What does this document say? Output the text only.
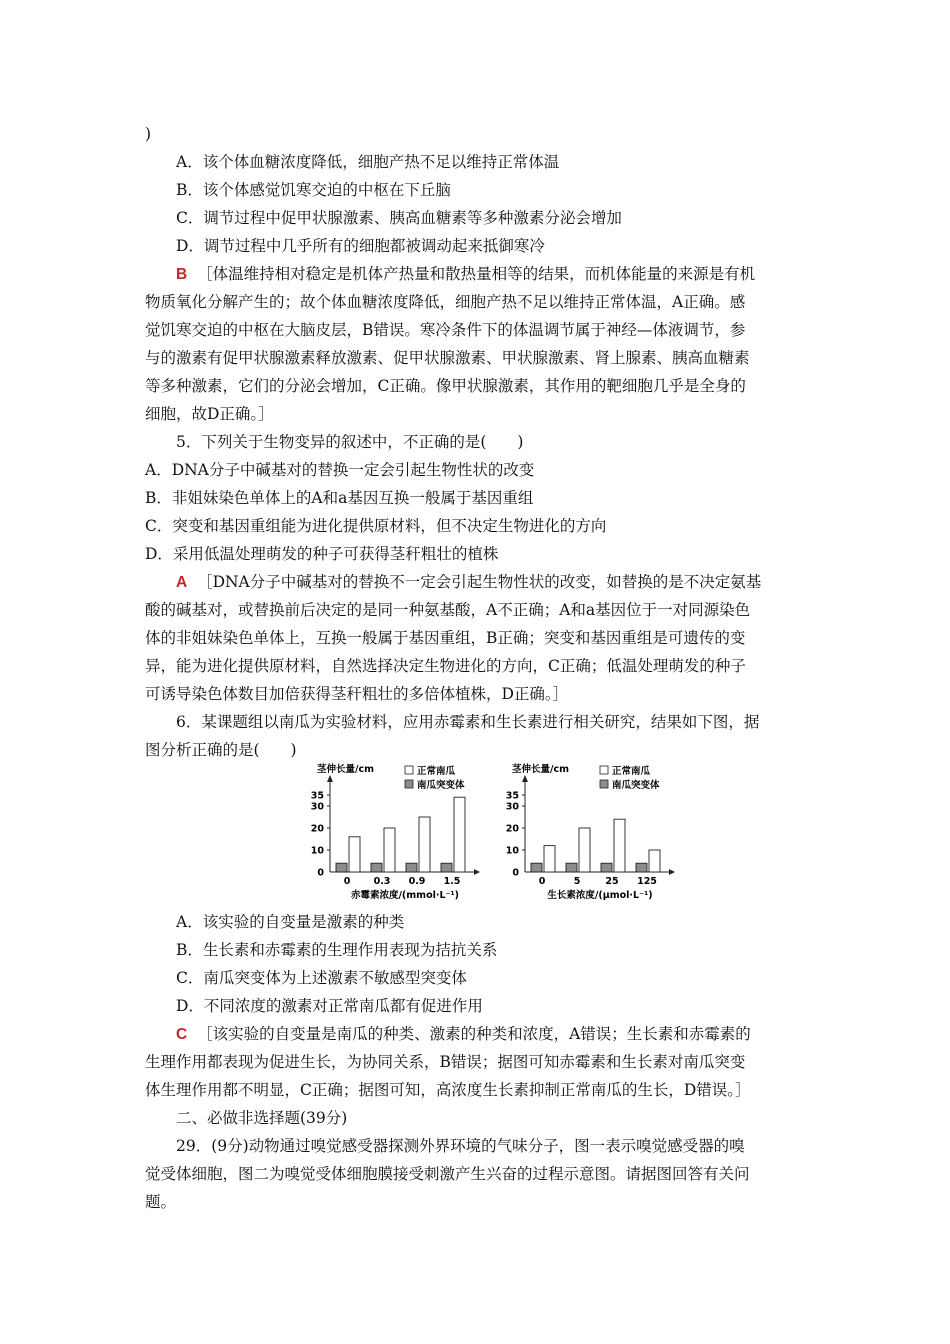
)
A．该个体血糖浓度降低，细胞产热不足以维持正常体温
B．该个体感觉饥寒交迫的中枢在下丘脑
C．调节过程中促甲状腺激素、胰高血糖素等多种激素分泌会增加
D．调节过程中几乎所有的细胞都被调动起来抵御寒冷
B ［体温维持相对稳定是机体产热量和散热量相等的结果，而机体能量的来源是有机
物质氧化分解产生的；故个体血糖浓度降低，细胞产热不足以维持正常体温，A正确。感
觉饥寒交迫的中枢在大脑皮层，B错误。寒冷条件下的体温调节属于神经—体液调节，参
与的激素有促甲状腺激素释放激素、促甲状腺激素、甲状腺激素、肾上腺素、胰高血糖素
等多种激素，它们的分泌会增加，C正确。像甲状腺激素，其作用的靶细胞几乎是全身的
细胞，故D正确。］
5．下列关于生物变异的叙述中，不正确的是(　　)
A．DNA分子中碱基对的替换一定会引起生物性状的改变
B．非姐妹染色单体上的A和a基因互换一般属于基因重组
C．突变和基因重组能为进化提供原材料，但不决定生物进化的方向
D．采用低温处理萌发的种子可获得茎秆粗壮的植株
A ［DNA分子中碱基对的替换不一定会引起生物性状的改变，如替换的是不决定氨基
酸的碱基对，或替换前后决定的是同一种氨基酸，A不正确；A和a基因位于一对同源染色
体的非姐妹染色单体上，互换一般属于基因重组，B正确；突变和基因重组是可遗传的变
异，能为进化提供原材料，自然选择决定生物进化的方向，C正确；低温处理萌发的种子
可诱导染色体数目加倍获得茎秆粗壮的多倍体植株，D正确。］
6．某课题组以南瓜为实验材料，应用赤霉素和生长素进行相关研究，结果如下图，据
图分析正确的是(　　)
茎伸长量/cm	正常南瓜
南瓜突变体
0
10
20
30
35
0 0.3 0.9 1.5
赤霉素浓度/(mmol·L⁻¹)
茎伸长量/cm	正常南瓜
南瓜突变体
0
10
20
30
35
0	5	25 125
生长素浓度/(μmol·L⁻¹)
A．该实验的自变量是激素的种类
B．生长素和赤霉素的生理作用表现为拮抗关系
C．南瓜突变体为上述激素不敏感型突变体
D．不同浓度的激素对正常南瓜都有促进作用
C ［该实验的自变量是南瓜的种类、激素的种类和浓度，A错误；生长素和赤霉素的
生理作用都表现为促进生长，为协同关系，B错误；据图可知赤霉素和生长素对南瓜突变
体生理作用都不明显，C正确；据图可知，高浓度生长素抑制正常南瓜的生长，D错误。］
二、必做非选择题(39分)
29．(9分)动物通过嗅觉感受器探测外界环境的气味分子，图一表示嗅觉感受器的嗅
觉受体细胞，图二为嗅觉受体细胞膜接受刺激产生兴奋的过程示意图。请据图回答有关问
题。
